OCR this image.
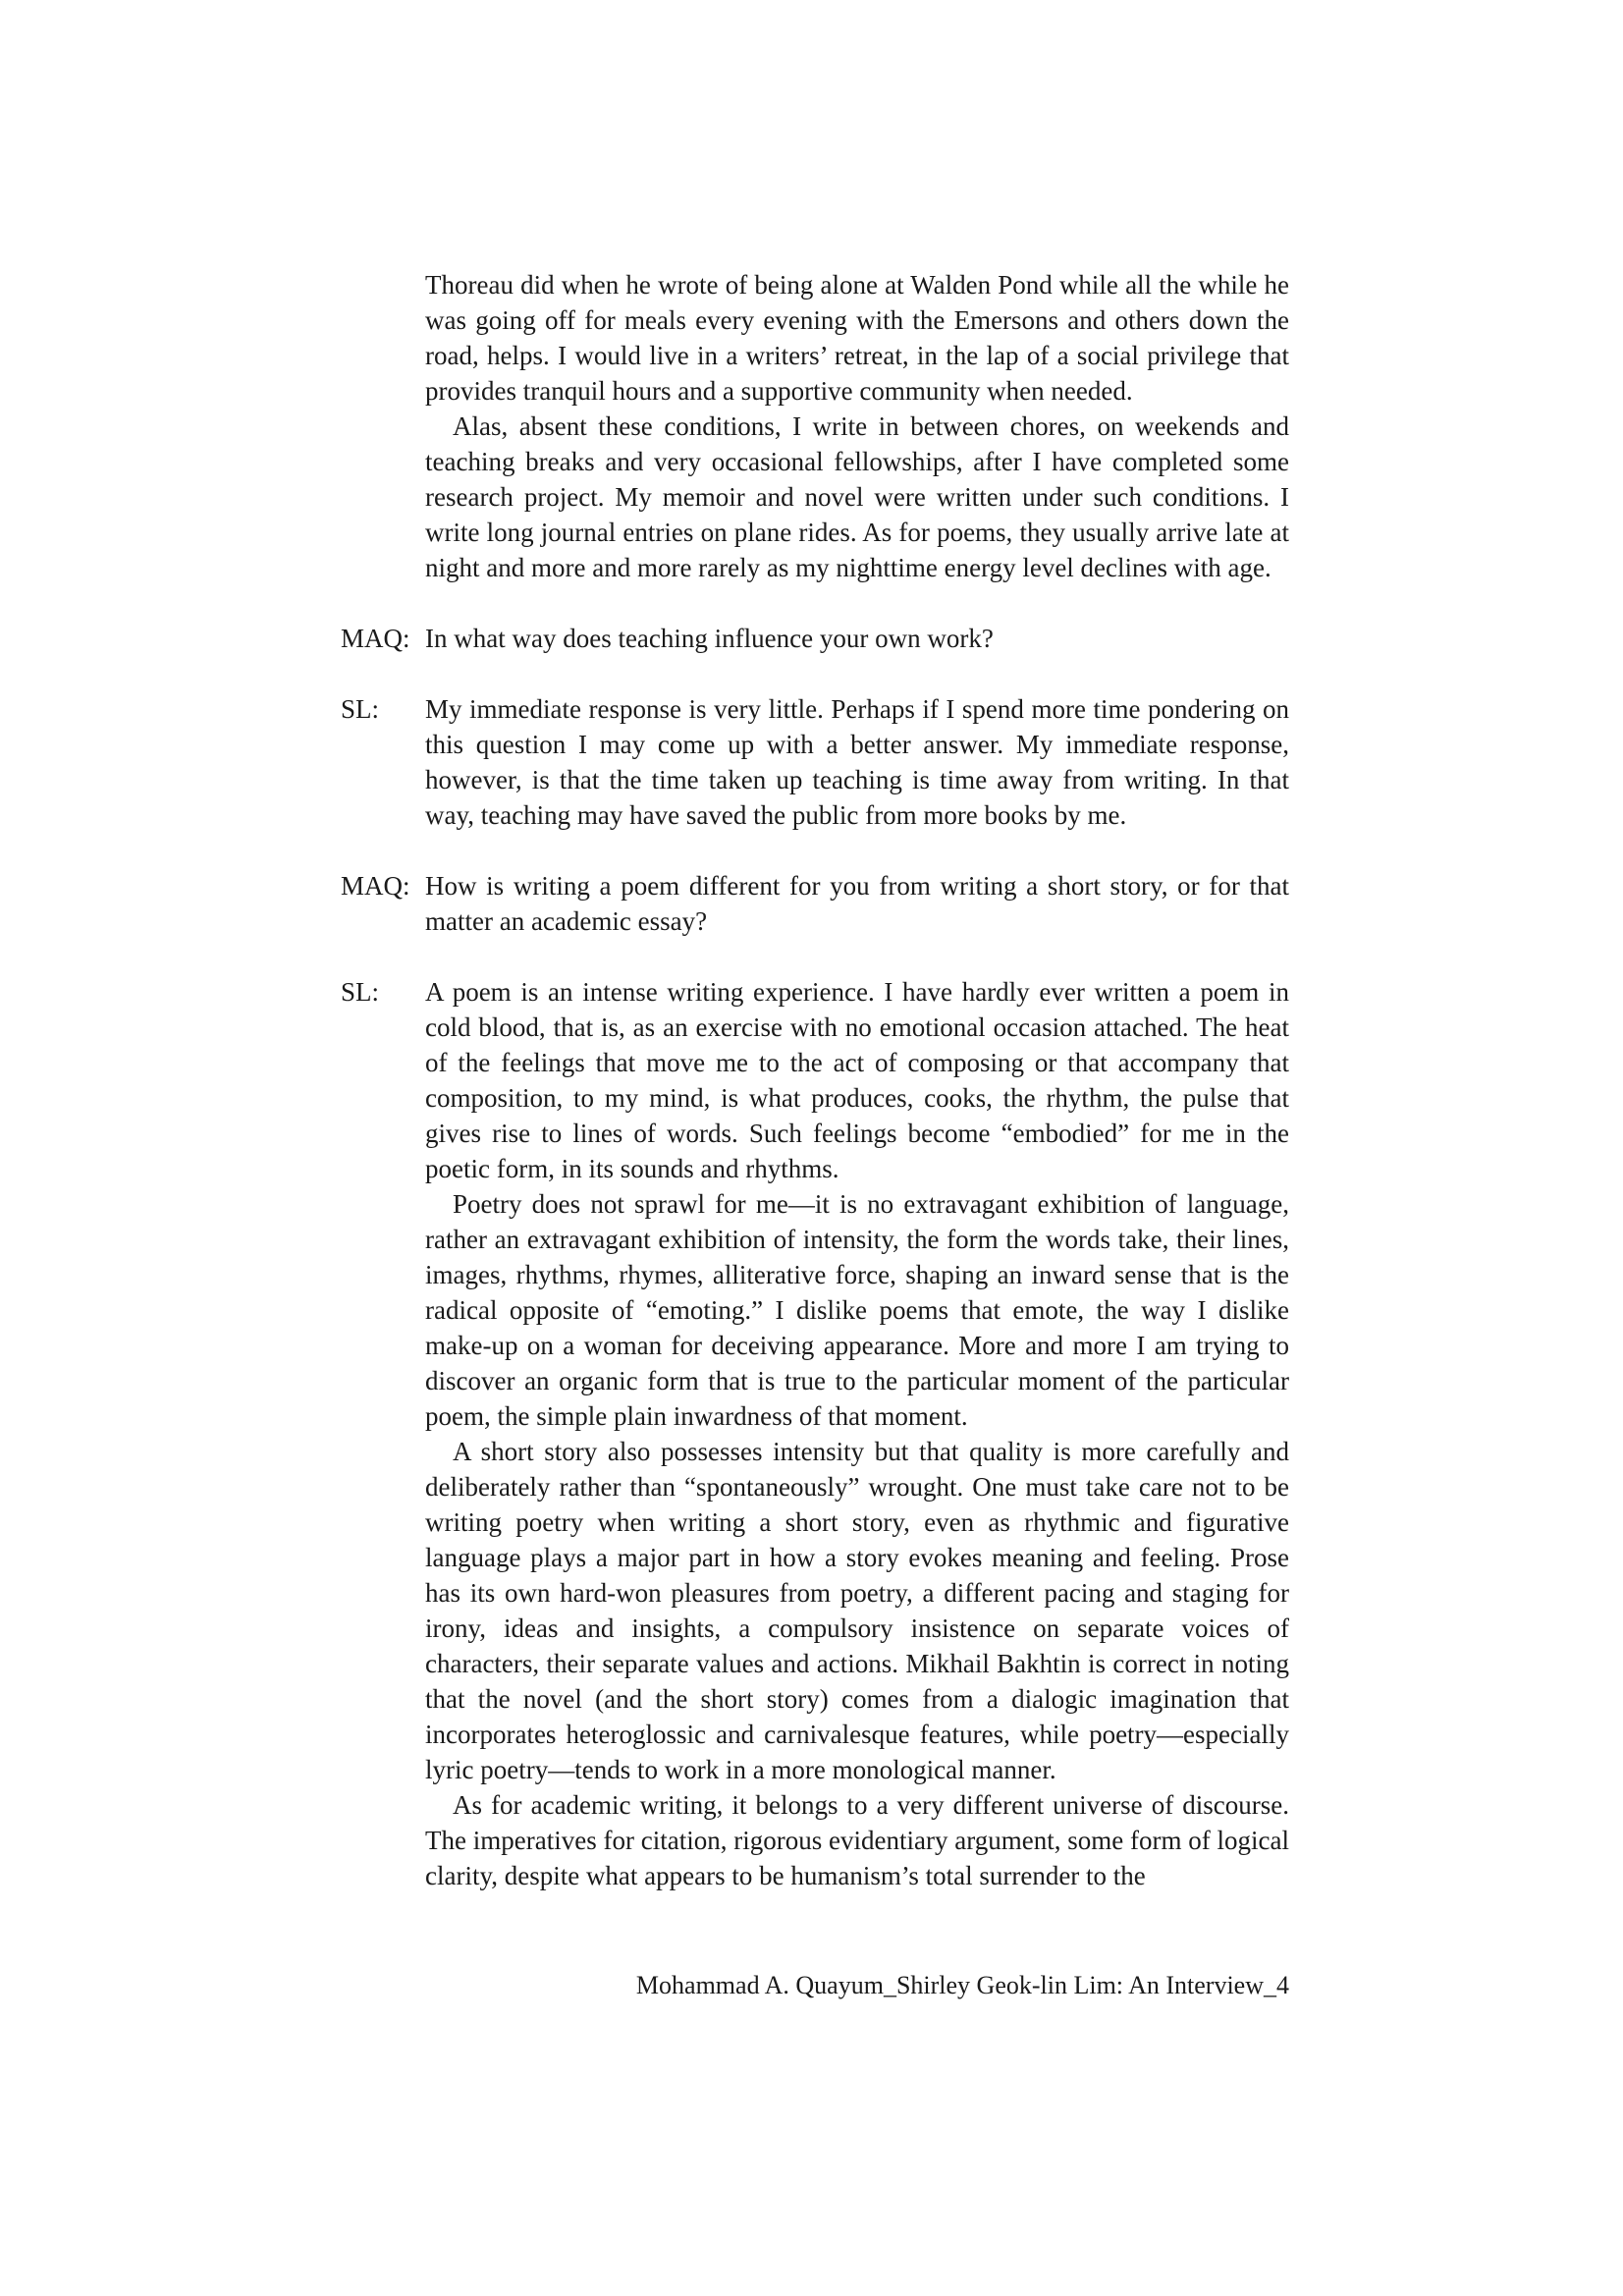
Thoreau did when he wrote of being alone at Walden Pond while all the while he was going off for meals every evening with the Emersons and others down the road, helps. I would live in a writers’ retreat, in the lap of a social privilege that provides tranquil hours and a supportive community when needed.

Alas, absent these conditions, I write in between chores, on weekends and teaching breaks and very occasional fellowships, after I have completed some research project. My memoir and novel were written under such conditions. I write long journal entries on plane rides. As for poems, they usually arrive late at night and more and more rarely as my nighttime energy level declines with age.

MAQ: In what way does teaching influence your own work?

SL:	My immediate response is very little. Perhaps if I spend more time pondering on this question I may come up with a better answer. My immediate response, however, is that the time taken up teaching is time away from writing. In that way, teaching may have saved the public from more books by me.

MAQ: How is writing a poem different for you from writing a short story, or for that matter an academic essay?

SL:	A poem is an intense writing experience. I have hardly ever written a poem in cold blood, that is, as an exercise with no emotional occasion attached. The heat of the feelings that move me to the act of composing or that accompany that composition, to my mind, is what produces, cooks, the rhythm, the pulse that gives rise to lines of words. Such feelings become “embodied” for me in the poetic form, in its sounds and rhythms.

Poetry does not sprawl for me—it is no extravagant exhibition of language, rather an extravagant exhibition of intensity, the form the words take, their lines, images, rhythms, rhymes, alliterative force, shaping an inward sense that is the radical opposite of “emoting.” I dislike poems that emote, the way I dislike make-up on a woman for deceiving appearance. More and more I am trying to discover an organic form that is true to the particular moment of the particular poem, the simple plain inwardness of that moment.

A short story also possesses intensity but that quality is more carefully and deliberately rather than “spontaneously” wrought. One must take care not to be writing poetry when writing a short story, even as rhythmic and figurative language plays a major part in how a story evokes meaning and feeling. Prose has its own hard-won pleasures from poetry, a different pacing and staging for irony, ideas and insights, a compulsory insistence on separate voices of characters, their separate values and actions. Mikhail Bakhtin is correct in noting that the novel (and the short story) comes from a dialogic imagination that incorporates heteroglossic and carnivalesque features, while poetry—especially lyric poetry—tends to work in a more monological manner.

As for academic writing, it belongs to a very different universe of discourse. The imperatives for citation, rigorous evidentiary argument, some form of logical clarity, despite what appears to be humanism’s total surrender to the

Mohammad A. Quayum_Shirley Geok-lin Lim: An Interview_4
